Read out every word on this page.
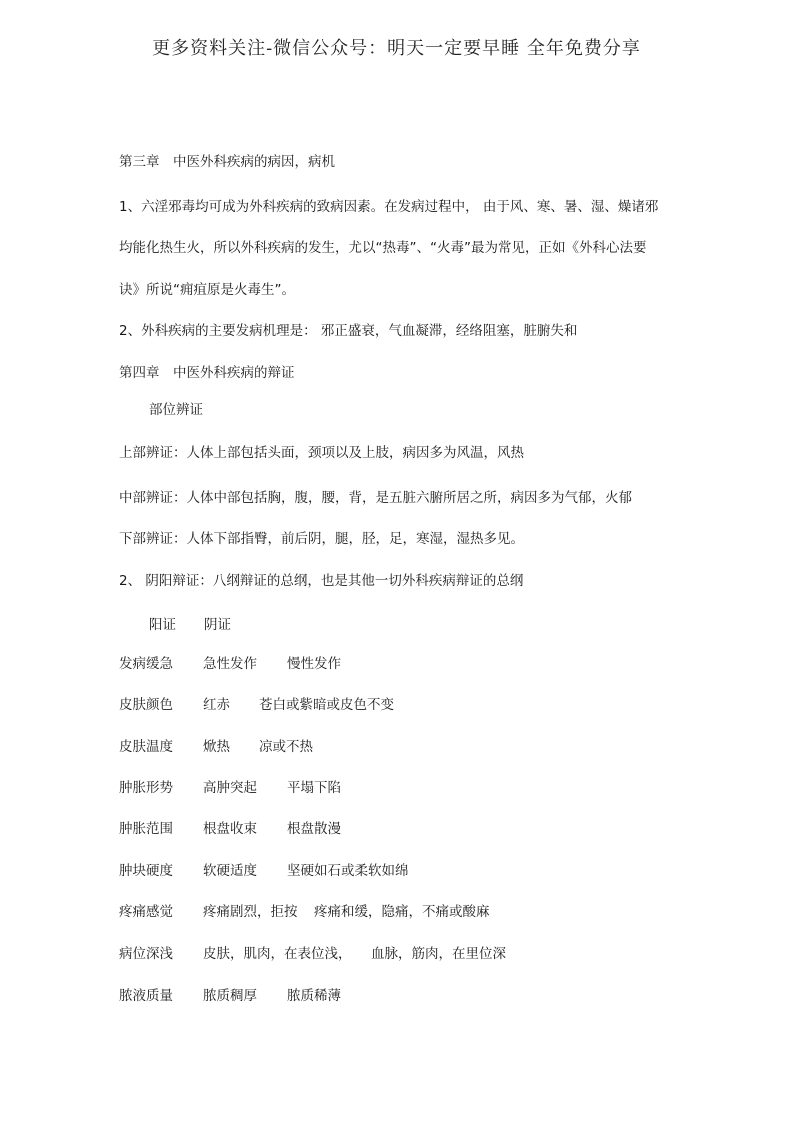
更多资料关注-微信公众号：明天一定要早睡 全年免费分享
第三章　中医外科疾病的病因，病机
1、六淫邪毒均可成为外科疾病的致病因素。在发病过程中， 由于风、寒、暑、湿、燥诸邪
均能化热生火，所以外科疾病的发生，尤以“热毒”、“火毒”最为常见，正如《外科心法要
诀》所说“痈疽原是火毒生”。
2、外科疾病的主要发病机理是： 邪正盛衰，气血凝滞，经络阻塞，脏腑失和
第四章　中医外科疾病的辩证
部位辨证
上部辨证：人体上部包括头面，颈项以及上肢，病因多为风温，风热
中部辨证：人体中部包括胸，腹，腰，背，是五脏六腑所居之所，病因多为气郁，火郁
下部辨证：人体下部指臀，前后阴，腿，胫，足，寒湿，湿热多见。
2、 阴阳辩证：八纲辩证的总纲，也是其他一切外科疾病辩证的总纲
阳证 阴证
发病缓急 急性发作 慢性发作
皮肤颜色 红赤 苍白或紫暗或皮色不变
皮肤温度 焮热 凉或不热
肿胀形势 高肿突起 平塌下陷
肿胀范围 根盘收束 根盘散漫
肿块硬度 软硬适度 坚硬如石或柔软如绵
疼痛感觉 疼痛剧烈，拒按 疼痛和缓，隐痛，不痛或酸麻
病位深浅 皮肤，肌肉，在表位浅， 血脉，筋肉，在里位深
脓液质量 脓质稠厚 脓质稀薄
